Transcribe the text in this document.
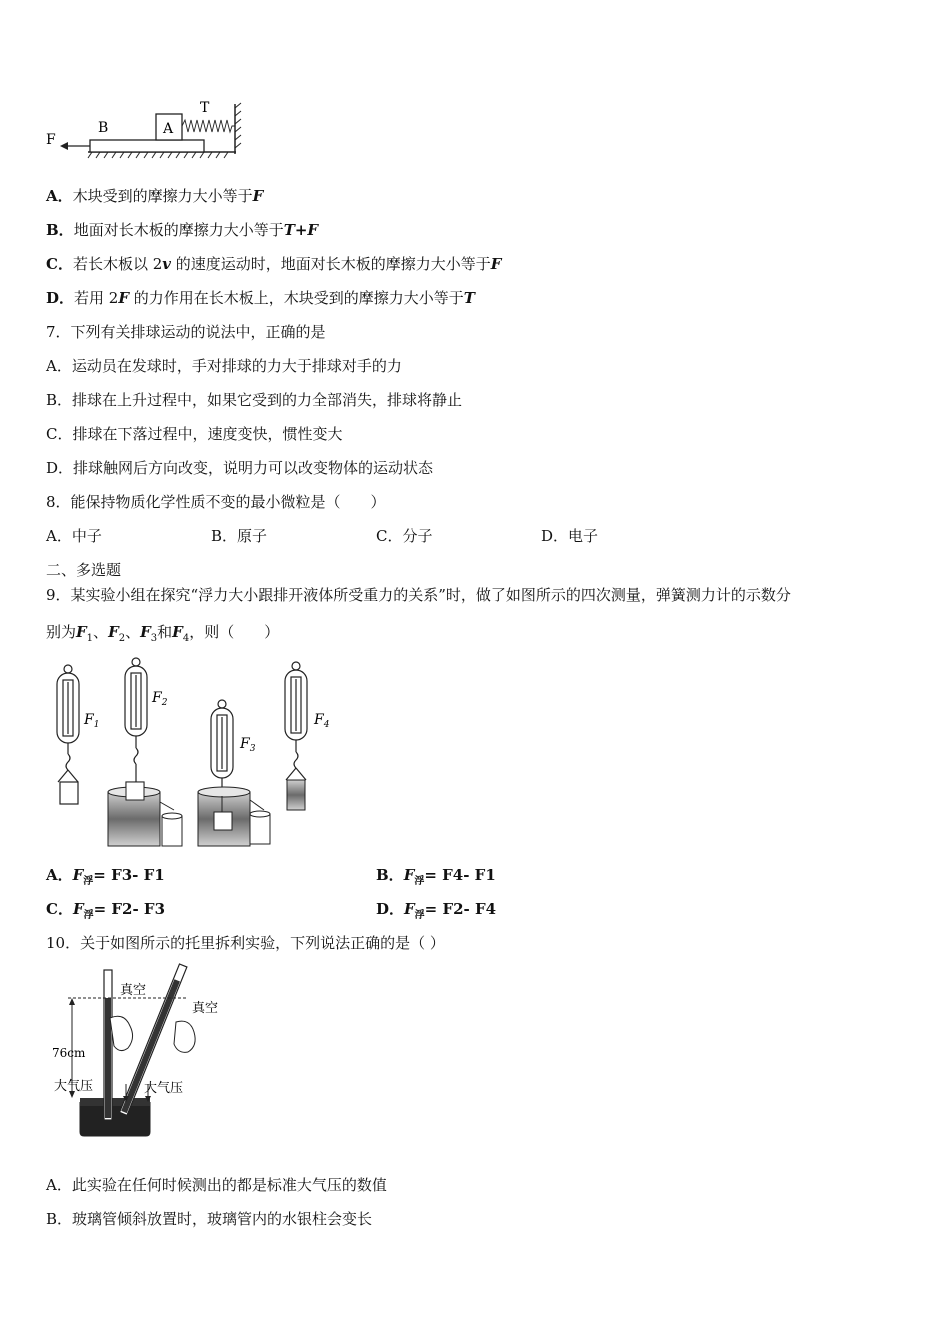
F
B	A
T
A．木块受到的摩擦力大小等于F
B．地面对长木板的摩擦力大小等于T+F
C．若长木板以 2v 的速度运动时，地面对长木板的摩擦力大小等于F
D．若用 2F 的力作用在长木板上，木块受到的摩擦力大小等于T
7．下列有关排球运动的说法中，正确的是
A．运动员在发球时，手对排球的力大于排球对手的力
B．排球在上升过程中，如果它受到的力全部消失，排球将静止
C．排球在下落过程中，速度变快，惯性变大
D．排球触网后方向改变，说明力可以改变物体的运动状态
8．能保持物质化学性质不变的最小微粒是（　　）
A．中子	B．原子	C．分子	D．电子
二、多选题
9．某实验小组在探究“浮力大小跟排开液体所受重力的关系”时，做了如图所示的四次测量，弹簧测力计的示数分
别为$F_1$、$F_2$、$F_3$和$F_4$，则（　　）
$F_1$
$F_2$
$F_3$
$F_4$
A．$F_浮= F3-$ F1	B．$F_浮= F4-$ F1
C．$F_浮= F2-$ F3	D．$F_浮= F2-$ F4
10．关于如图所示的托里拆利实验，下列说法正确的是（ ）
真空
真空
76cm
大气压	大气压
A．此实验在任何时候测出的都是标准大气压的数值
B．玻璃管倾斜放置时，玻璃管内的水银柱会变长
